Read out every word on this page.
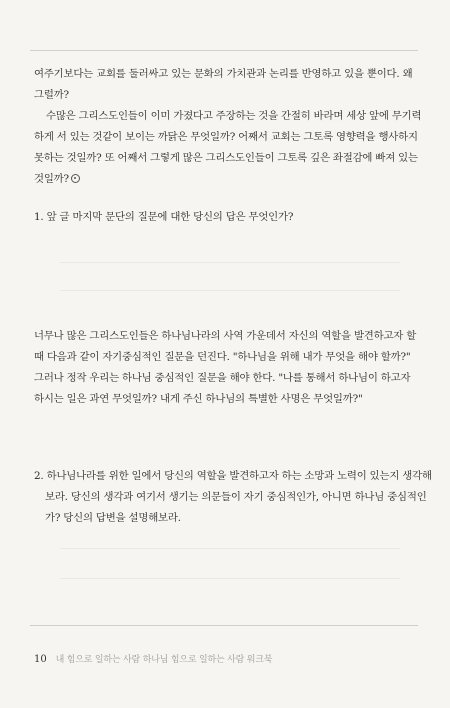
여주기보다는 교회를 둘러싸고 있는 문화의 가치관과 논리를 반영하고 있을 뿐이다. 왜
그럴까?
수많은 그리스도인들이 이미 가졌다고 주장하는 것을 간절히 바라며 세상 앞에 무기력
하게 서 있는 것같이 보이는 까닭은 무엇일까? 어째서 교회는 그토록 영향력을 행사하지
못하는 것일까? 또 어째서 그렇게 많은 그리스도인들이 그토록 깊은 좌절감에 빠져 있는
것일까?
1. 앞 글 마지막 문단의 질문에 대한 당신의 답은 무엇인가?
너무나 많은 그리스도인들은 하나님나라의 사역 가운데서 자신의 역할을 발견하고자 할
때 다음과 같이 자기중심적인 질문을 던진다. "하나님을 위해 내가 무엇을 해야 할까?"
그러나 정작 우리는 하나님 중심적인 질문을 해야 한다. "나를 통해서 하나님이 하고자
하시는 일은 과연 무엇일까? 내게 주신 하나님의 특별한 사명은 무엇일까?"
2. 하나님나라를 위한 일에서 당신의 역할을 발견하고자 하는 소망과 노력이 있는지 생각해
보라. 당신의 생각과 여기서 생기는 의문들이 자기 중심적인가, 아니면 하나님 중심적인
가? 당신의 답변을 설명해보라.
10 내 힘으로 일하는 사람 하나님 힘으로 일하는 사람 워크북
